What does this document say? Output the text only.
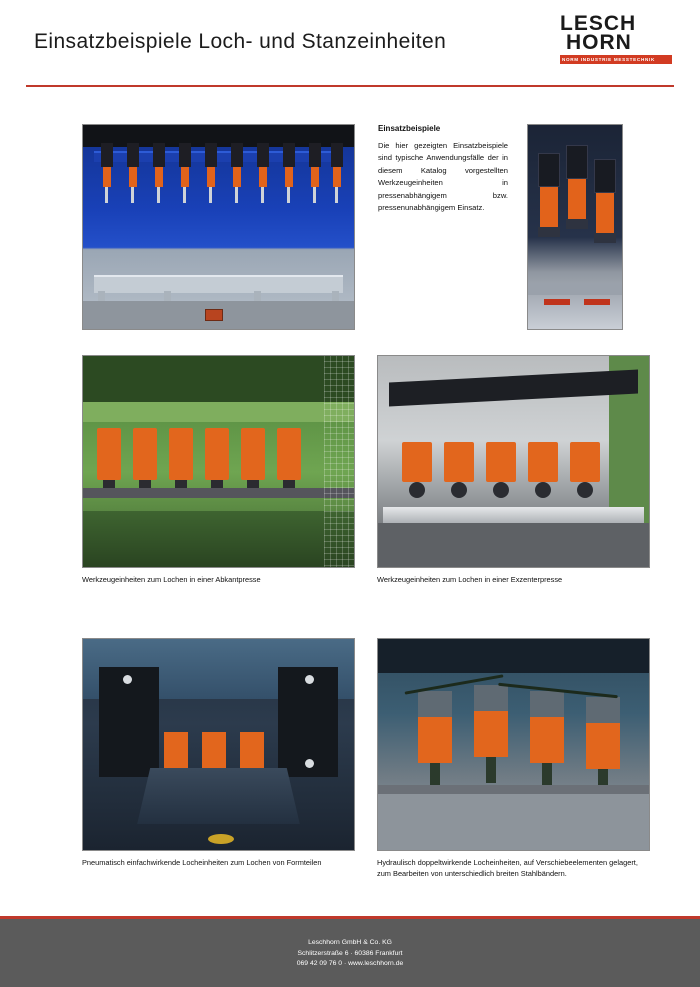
Einsatzbeispiele Loch- und Stanzeinheiten
LESCH
HORN
NORM INDUSTRIE MESSTECHNIK
Einsatzbeispiele

Die hier gezeigten Einsatzbeispiele sind typische Anwendungsfälle der in diesem Katalog vorgestellten Werkzeugeinheiten in pressenabhängigem bzw. pressenunabhängigem Einsatz.

Werkzeugeinheiten zum Lochen in einer Abkantpresse	Werkzeugeinheiten zum Lochen in einer Exzenterpresse
Pneumatisch einfachwirkende Locheinheiten zum Lochen von Formteilen	Hydraulisch doppeltwirkende Locheinheiten, auf Verschiebeelementen gelagert, zum Bearbeiten von unterschiedlich breiten Stahlbändern.
Leschhorn GmbH & Co. KG
Schlitzerstraße 6 · 60386 Frankfurt
069 42 09 76 0 · www.leschhorn.de
